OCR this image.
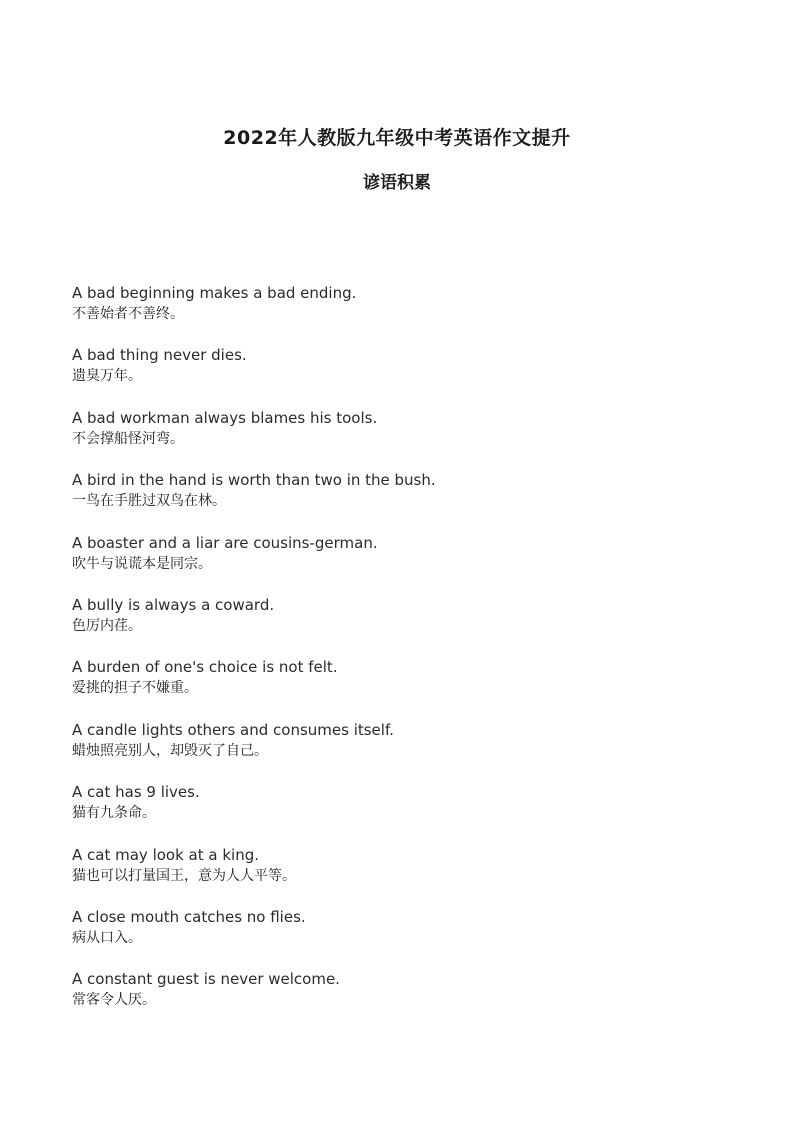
2022年人教版九年级中考英语作文提升
谚语积累
A bad beginning makes a bad ending.
不善始者不善终。
A bad thing never dies.
遗臭万年。
A bad workman always blames his tools.
不会撑船怪河弯。
A bird in the hand is worth than two in the bush.
一鸟在手胜过双鸟在林。
A boaster and a liar are cousins-german.
吹牛与说谎本是同宗。
A bully is always a coward.
色厉内荏。
A burden of one's choice is not felt.
爱挑的担子不嫌重。
A candle lights others and consumes itself.
蜡烛照亮别人，却毁灭了自己。
A cat has 9 lives.
猫有九条命。
A cat may look at a king.
猫也可以打量国王，意为人人平等。
A close mouth catches no flies.
病从口入。
A constant guest is never welcome.
常客令人厌。
